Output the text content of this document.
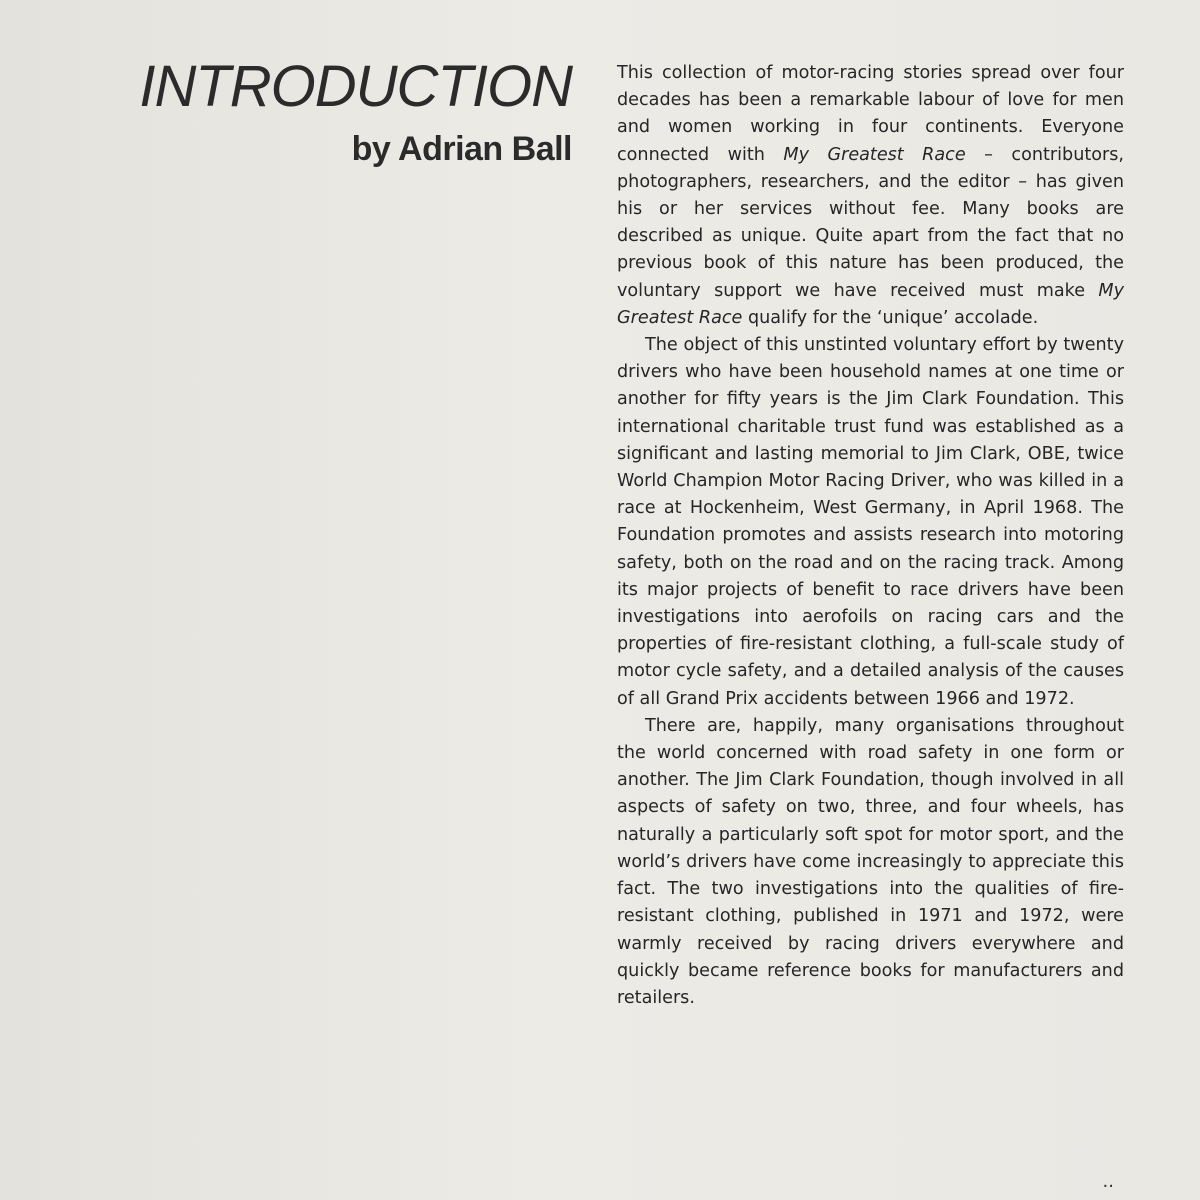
INTRODUCTION
by Adrian Ball

This collection of motor-racing stories spread over four decades has been a remarkable labour of love for men and women working in four continents. Everyone connected with My Greatest Race – contributors, photographers, researchers, and the editor – has given his or her services without fee. Many books are described as unique. Quite apart from the fact that no previous book of this nature has been produced, the voluntary support we have received must make My Greatest Race qualify for the ‘unique’ accolade.

The object of this unstinted voluntary effort by twenty drivers who have been household names at one time or another for fifty years is the Jim Clark Foundation. This international charitable trust fund was established as a significant and lasting memorial to Jim Clark, OBE, twice World Champion Motor Racing Driver, who was killed in a race at Hockenheim, West Germany, in April 1968. The Foundation promotes and assists research into motoring safety, both on the road and on the racing track. Among its major projects of benefit to race drivers have been investigations into aerofoils on racing cars and the properties of fire-resistant clothing, a full-scale study of motor cycle safety, and a detailed analysis of the causes of all Grand Prix accidents between 1966 and 1972.

There are, happily, many organisations throughout the world concerned with road safety in one form or another. The Jim Clark Foundation, though involved in all aspects of safety on two, three, and four wheels, has naturally a particularly soft spot for motor sport, and the world’s drivers have come increasingly to appreciate this fact. The two investigations into the qualities of fire-resistant clothing, published in 1971 and 1972, were warmly received by racing drivers everywhere and quickly became reference books for manufacturers and retailers.

··
